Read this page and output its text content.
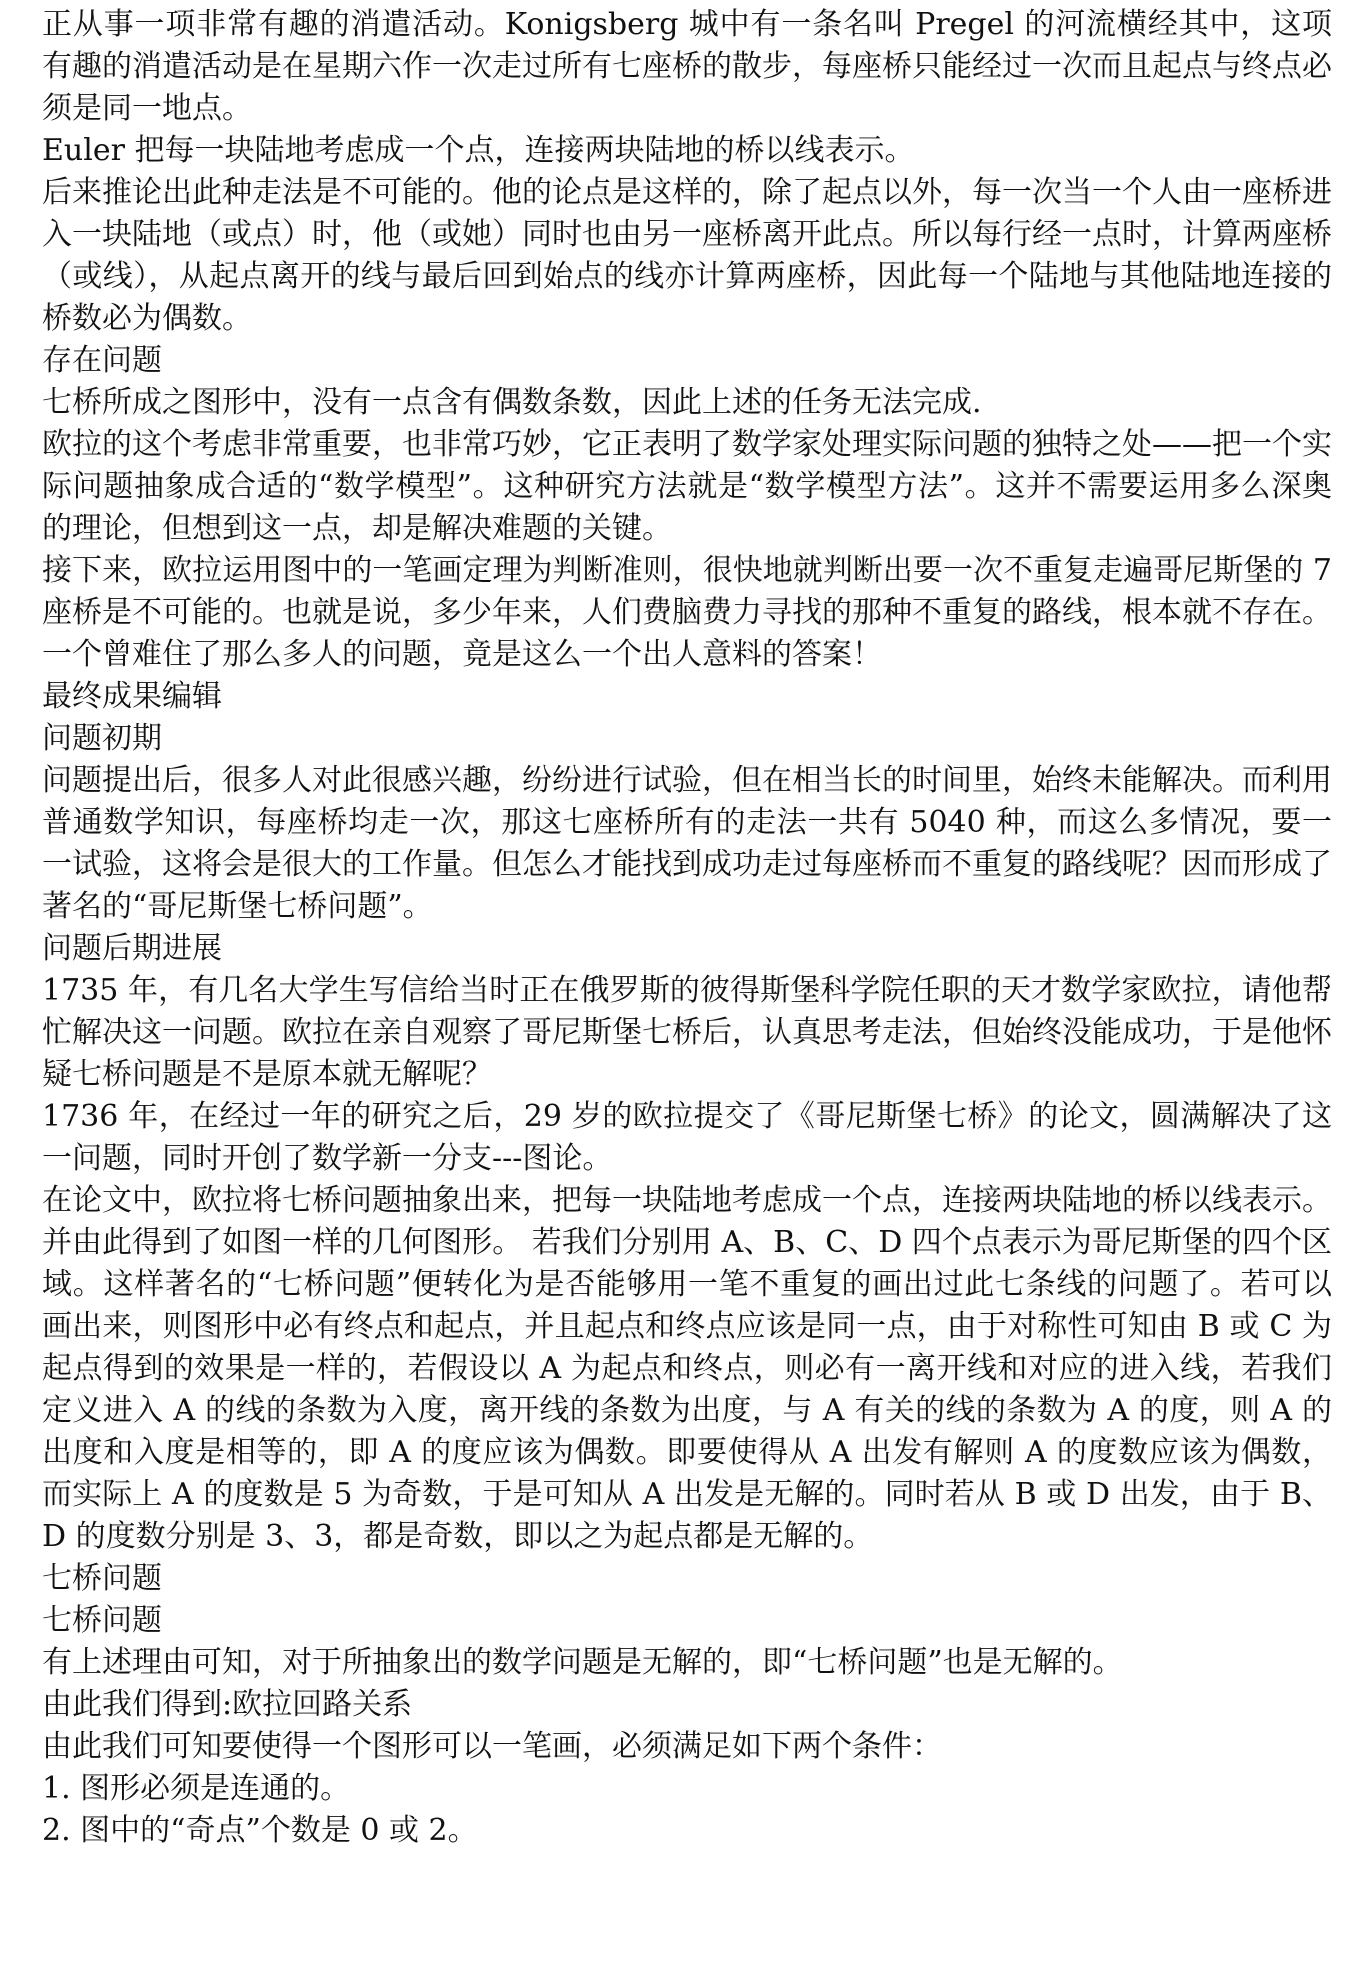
正从事一项非常有趣的消遣活动。Konigsberg 城中有一条名叫 Pregel 的河流横经其中，这项有趣的消遣活动是在星期六作一次走过所有七座桥的散步，每座桥只能经过一次而且起点与终点必须是同一地点。

Euler 把每一块陆地考虑成一个点，连接两块陆地的桥以线表示。

后来推论出此种走法是不可能的。他的论点是这样的，除了起点以外，每一次当一个人由一座桥进入一块陆地（或点）时，他（或她）同时也由另一座桥离开此点。所以每行经一点时，计算两座桥（或线），从起点离开的线与最后回到始点的线亦计算两座桥，因此每一个陆地与其他陆地连接的桥数必为偶数。

存在问题

七桥所成之图形中，没有一点含有偶数条数，因此上述的任务无法完成.

欧拉的这个考虑非常重要，也非常巧妙，它正表明了数学家处理实际问题的独特之处——把一个实际问题抽象成合适的“数学模型”。这种研究方法就是“数学模型方法”。这并不需要运用多么深奥的理论，但想到这一点，却是解决难题的关键。

接下来，欧拉运用图中的一笔画定理为判断准则，很快地就判断出要一次不重复走遍哥尼斯堡的 7 座桥是不可能的。也就是说，多少年来，人们费脑费力寻找的那种不重复的路线，根本就不存在。一个曾难住了那么多人的问题，竟是这么一个出人意料的答案！

最终成果编辑

问题初期

问题提出后，很多人对此很感兴趣，纷纷进行试验，但在相当长的时间里，始终未能解决。而利用普通数学知识，每座桥均走一次，那这七座桥所有的走法一共有 5040 种，而这么多情况，要一一试验，这将会是很大的工作量。但怎么才能找到成功走过每座桥而不重复的路线呢？因而形成了著名的“哥尼斯堡七桥问题”。

问题后期进展

1735 年，有几名大学生写信给当时正在俄罗斯的彼得斯堡科学院任职的天才数学家欧拉，请他帮忙解决这一问题。欧拉在亲自观察了哥尼斯堡七桥后，认真思考走法，但始终没能成功，于是他怀疑七桥问题是不是原本就无解呢？

1736 年，在经过一年的研究之后，29 岁的欧拉提交了《哥尼斯堡七桥》的论文，圆满解决了这一问题，同时开创了数学新一分支---图论。

在论文中，欧拉将七桥问题抽象出来，把每一块陆地考虑成一个点，连接两块陆地的桥以线表示。并由此得到了如图一样的几何图形。 若我们分别用 A、B、C、D 四个点表示为哥尼斯堡的四个区域。这样著名的“七桥问题”便转化为是否能够用一笔不重复的画出过此七条线的问题了。若可以画出来，则图形中必有终点和起点，并且起点和终点应该是同一点，由于对称性可知由 B 或 C 为起点得到的效果是一样的，若假设以 A 为起点和终点，则必有一离开线和对应的进入线，若我们定义进入 A 的线的条数为入度，离开线的条数为出度，与 A 有关的线的条数为 A 的度，则 A 的出度和入度是相等的，即 A 的度应该为偶数。即要使得从 A 出发有解则 A 的度数应该为偶数，而实际上 A 的度数是 5 为奇数，于是可知从 A 出发是无解的。同时若从 B 或 D 出发，由于 B、D 的度数分别是 3、3，都是奇数，即以之为起点都是无解的。

七桥问题

七桥问题

有上述理由可知，对于所抽象出的数学问题是无解的，即“七桥问题”也是无解的。

由此我们得到:欧拉回路关系

由此我们可知要使得一个图形可以一笔画，必须满足如下两个条件：

1. 图形必须是连通的。

2. 图中的“奇点”个数是 0 或 2。
